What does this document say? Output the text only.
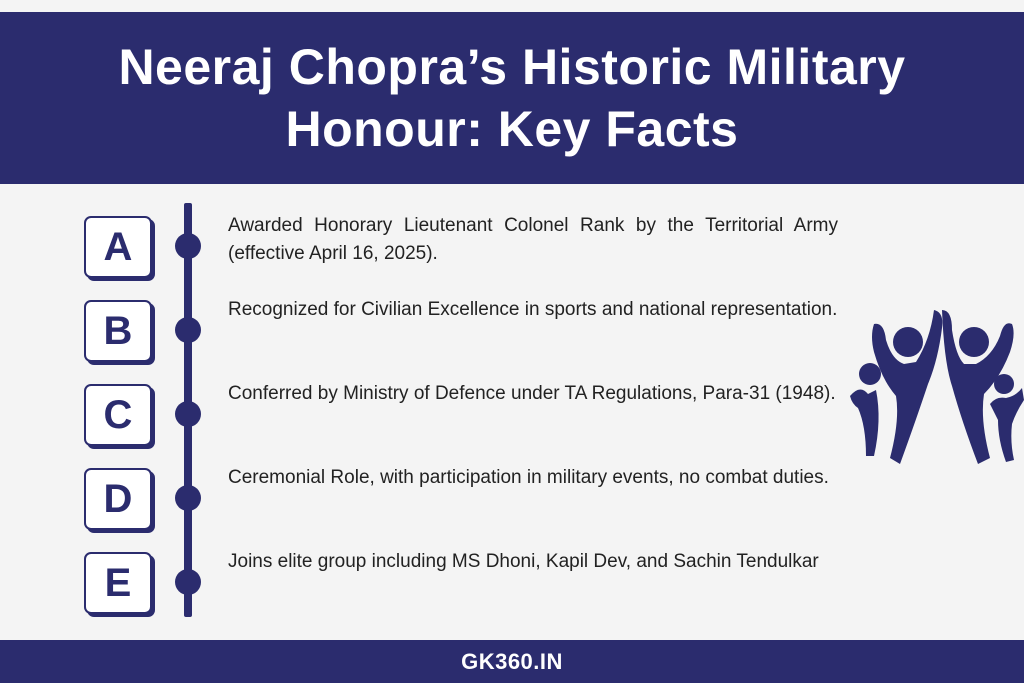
Neeraj Chopra’s Historic Military Honour: Key Facts
A	Awarded Honorary Lieutenant Colonel Rank by the Territorial Army (effective April 16, 2025).
B	Recognized for Civilian Excellence in sports and national representation.
C	Conferred by Ministry of Defence under TA Regulations, Para-31 (1948).
D	Ceremonial Role, with participation in military events, no combat duties.
E	Joins elite group including MS Dhoni, Kapil Dev, and Sachin Tendulkar
GK360.IN
